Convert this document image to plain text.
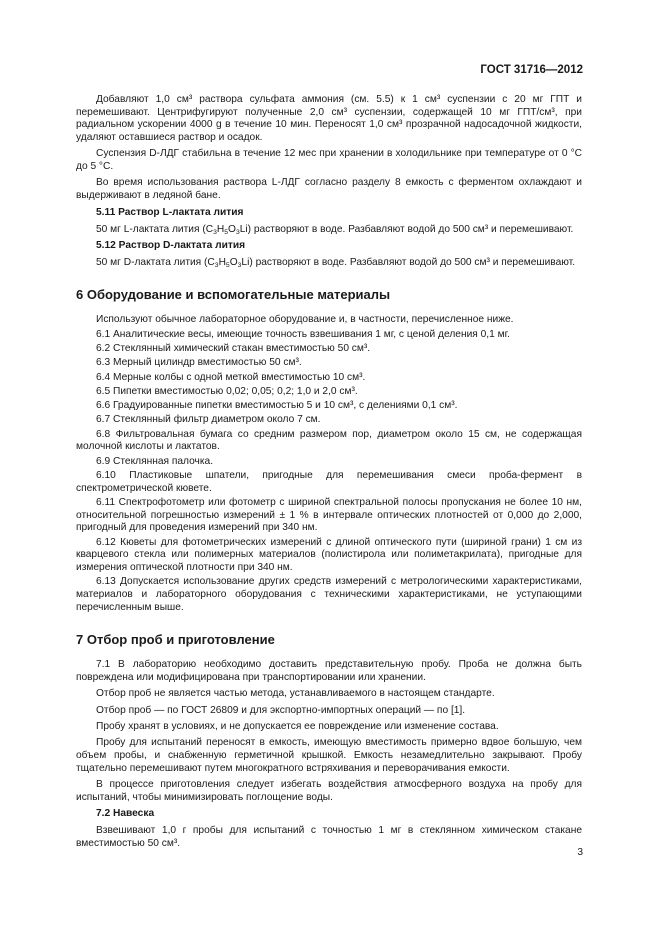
ГОСТ 31716—2012

Добавляют 1,0 см³ раствора сульфата аммония (см. 5.5) к 1 см³ суспензии с 20 мг ГПТ и перемешивают. Центрифугируют полученные 2,0 см³ суспензии, содержащей 10 мг ГПТ/см³, при радиальном ускорении 4000 g в течение 10 мин. Переносят 1,0 см³ прозрачной надосадочной жидкости, удаляют оставшиеся раствор и осадок.

Суспензия D-ЛДГ стабильна в течение 12 мес при хранении в холодильнике при температуре от 0 °C до 5 °C.

Во время использования раствора L-ЛДГ согласно разделу 8 емкость с ферментом охлаждают и выдерживают в ледяной бане.

5.11 Раствор L-лактата лития

50 мг L-лактата лития $(C_3H_5O_3Li)$ растворяют в воде. Разбавляют водой до 500 см³ и перемешивают.

5.12 Раствор D-лактата лития

50 мг D-лактата лития $(C_3H_5O_3Li)$ растворяют в воде. Разбавляют водой до 500 см³ и перемешивают.

6 Оборудование и вспомогательные материалы

Используют обычное лабораторное оборудование и, в частности, перечисленное ниже.

6.1 Аналитические весы, имеющие точность взвешивания 1 мг, с ценой деления 0,1 мг.

6.2 Стеклянный химический стакан вместимостью 50 см³.

6.3 Мерный цилиндр вместимостью 50 см³.

6.4 Мерные колбы с одной меткой вместимостью 10 см³.

6.5 Пипетки вместимостью 0,02; 0,05; 0,2; 1,0 и 2,0 см³.

6.6 Градуированные пипетки вместимостью 5 и 10 см³, с делениями 0,1 см³.

6.7 Стеклянный фильтр диаметром около 7 см.

6.8 Фильтровальная бумага со средним размером пор, диаметром около 15 см, не содержащая молочной кислоты и лактатов.

6.9 Стеклянная палочка.

6.10 Пластиковые шпатели, пригодные для перемешивания смеси проба-фермент в спектрометрической кювете.

6.11 Спектрофотометр или фотометр с шириной спектральной полосы пропускания не более 10 нм, относительной погрешностью измерений ± 1 % в интервале оптических плотностей от 0,000 до 2,000, пригодный для проведения измерений при 340 нм.

6.12 Кюветы для фотометрических измерений с длиной оптического пути (шириной грани) 1 см из кварцевого стекла или полимерных материалов (полистирола или полиметакрилата), пригодные для измерения оптической плотности при 340 нм.

6.13 Допускается использование других средств измерений с метрологическими характеристиками, материалов и лабораторного оборудования с техническими характеристиками, не уступающими перечисленным выше.

7 Отбор проб и приготовление

7.1 В лабораторию необходимо доставить представительную пробу. Проба не должна быть повреждена или модифицирована при транспортировании или хранении.

Отбор проб не является частью метода, устанавливаемого в настоящем стандарте.

Отбор проб — по ГОСТ 26809 и для экспортно-импортных операций — по [1].

Пробу хранят в условиях, и не допускается ее повреждение или изменение состава.

Пробу для испытаний переносят в емкость, имеющую вместимость примерно вдвое большую, чем объем пробы, и снабженную герметичной крышкой. Емкость незамедлительно закрывают. Пробу тщательно перемешивают путем многократного встряхивания и переворачивания емкости.

В процессе приготовления следует избегать воздействия атмосферного воздуха на пробу для испытаний, чтобы минимизировать поглощение воды.

7.2 Навеска

Взвешивают 1,0 г пробы для испытаний с точностью 1 мг в стеклянном химическом стакане вместимостью 50 см³.

3
